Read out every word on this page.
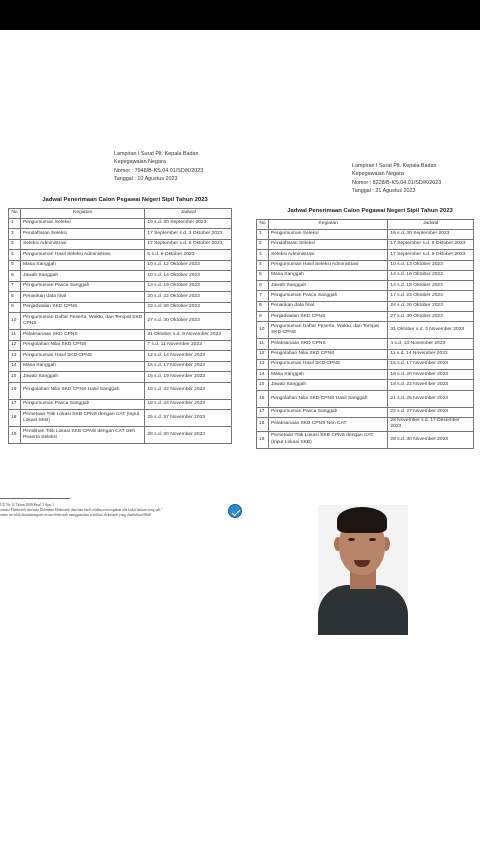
Lampiran I Surat Plt. Kepala Badan
Kepegawaian Negara
Nomor : 7948/B-KS.04.01/SD/K/2023
Tanggal : 10 Agustus 2023
Jadwal Penerimaan Calon Pegawai Negeri Sipil Tahun 2023
No	Kegiatan	Jadwal
1	Pengumuman Seleksi	16 s.d. 30 September 2023
2	Pendaftaran Seleksi	17 September s.d. 3 Oktober 2023
3	Seleksi Administrasi	17 September s.d. 5 Oktober 2023
4	Pengumuman Hasil Seleksi Administrasi	6 s.d. 9 Oktober 2023
5	Masa Sanggah	10 s.d. 12 Oktober 2023
6	Jawab Sanggah	10 s.d. 14 Oktober 2023
7	Pengumuman Pasca Sanggah	13 s.d. 19 Oktober 2023
8	Penarikan data final	20 s.d. 22 Oktober 2023
9	Penjadwalan SKD CPNS	23 s.d. 26 Oktober 2023
10	Pengumuman Daftar Peserta, Waktu, dan Tempat SKD CPNS	27 s.d. 30 Oktober 2023
11	Pelaksanaan SKD CPNS	31 Oktober s.d. 9 November 2023
12	Pengolahan Nilai SKD CPNS	7 s.d. 11 November 2023
13	Pengumuman Hasil SKD CPNS	12 s.d. 14 November 2023
14	Masa Sanggah	15 s.d. 17 November 2023
15	Jawab Sanggah	15 s.d. 19 November 2023
16	Pengolahan Nilai SKD CPNS Hasil Sanggah	18 s.d. 22 November 2023
17	Pengumuman Pasca Sanggah	18 s.d. 24 November 2023
18	Pemetaan Titik Lokasi SKB CPNS dengan CAT (Input Lokasi SKB)	25 s.d. 27 November 2023
19	Pemilihan Titik Lokasi SKB CPNS dengan CAT oleh Peserta Seleksi	28 s.d. 30 November 2023
Lampiran I Surat Plt. Kepala Badan
Kepegawaian Negara
Nomor : 8228/B-KS.04.01/SD/K/2023
Tanggal : 21 Agustus 2023
Jadwal Penerimaan Calon Pegawai Negeri Sipil Tahun 2023
No	Kegiatan	Jadwal
1	Pengumuman Seleksi	16 s.d. 30 September 2023
2	Pendaftaran Seleksi	17 September s.d. 6 Oktober 2023
3	Seleksi Administrasi	17 September s.d. 9 Oktober 2023
4	Pengumuman Hasil Seleksi Administrasi	10 s.d. 13 Oktober 2023
5	Masa Sanggah	14 s.d. 16 Oktober 2023
6	Jawab Sanggah	14 s.d. 18 Oktober 2023
7	Pengumuman Pasca Sanggah	17 s.d. 23 Oktober 2023
8	Penarikan data final	24 s.d. 26 Oktober 2023
9	Penjadwalan SKD CPNS	27 s.d. 30 Oktober 2023
10	Pengumuman Daftar Peserta, Waktu, dan Tempat SKD CPNS	31 Oktober s.d. 3 November 2023
11	Pelaksanaan SKD CPNS	4 s.d. 13 November 2023
12	Pengolahan Nilai SKD CPNS	11 s.d. 14 November 2023
13	Pengumuman Hasil SKD CPNS	15 s.d. 17 November 2023
14	Masa Sanggah	18 s.d. 20 November 2023
15	Jawab Sanggah	18 s.d. 22 November 2023
16	Pengolahan Nilai SKD CPNS Hasil Sanggah	21 s.d. 25 November 2023
17	Pengumuman Pasca Sanggah	22 s.d. 27 November 2023
18	Pelaksanaan SKB CPNS Non CAT	28 November s.d. 17 Desember 2023
19	Pemetaan Titik Lokasi SKB CPNS dengan CAT (Input Lokasi SKB)	28 s.d. 30 November 2023
UU No 11 Tahun 2008 Pasal 5 Ayat 1
ormasi Elektronik dan/atau Dokumen Elektronik dan/atau hasil cetaknya merupakan alat bukti hukum yang sah."
umen ini telah ditandatangani secara elektronik menggunakan sertifikat elektronik yang diterbitkan BSrE
